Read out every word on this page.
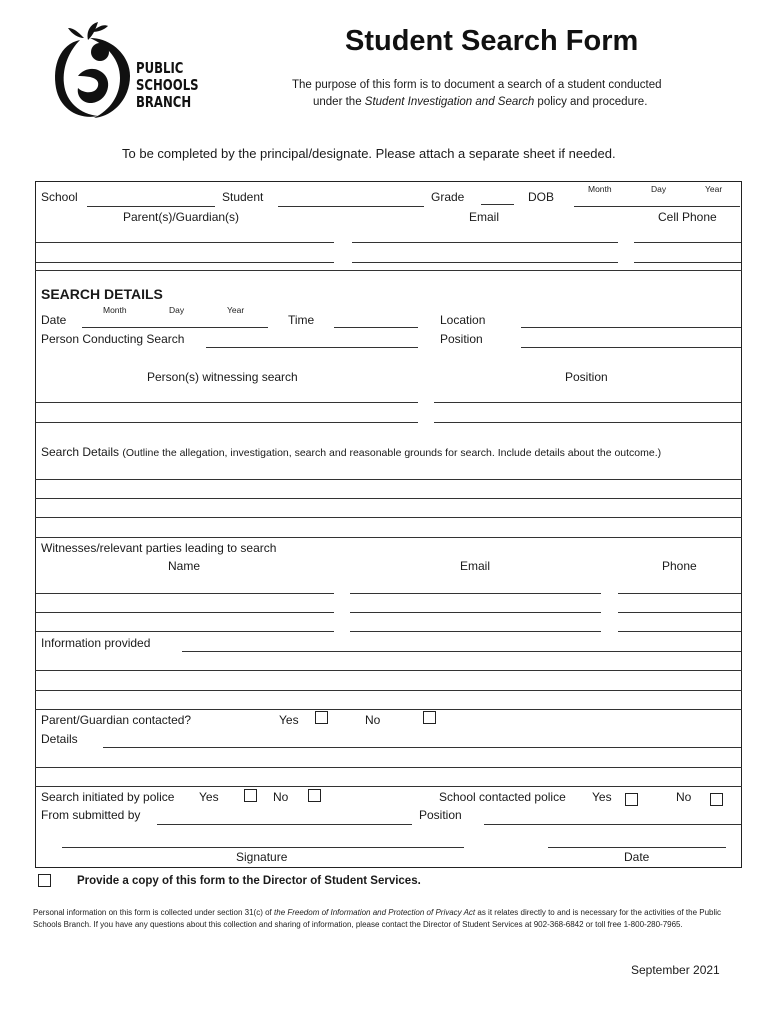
PUBLIC
SCHOOLS
BRANCH
Student Search Form
The purpose of this form is to document a search of a student conducted
under the Student Investigation and Search policy and procedure.
To be completed by the principal/designate. Please attach a separate sheet if needed.
School	Student	Grade	DOB
Month	Day	Year
Parent(s)/Guardian(s)	Email	Cell Phone
SEARCH DETAILS
Month	Day	Year
Date	Time	Location
Person Conducting Search	Position
Person(s) witnessing search	Position
Search Details (Outline the allegation, investigation, search and reasonable grounds for search. Include details about the outcome.)
Witnesses/relevant parties leading to search
Name	Email	Phone
Information provided
Parent/Guardian contacted?	Yes	No
Details
Search initiated by police Yes	No	School contacted police Yes	No
From submitted by	Position
Signature	Date
Provide a copy of this form to the Director of Student Services.
Personal information on this form is collected under section 31(c) of the Freedom of Information and Protection of Privacy Act as it relates directly to and is necessary for the activities of the Public Schools Branch. If you have any questions about this collection and sharing of information, please contact the Director of Student Services at 902-368-6842 or toll free 1-800-280-7965.
September 2021
